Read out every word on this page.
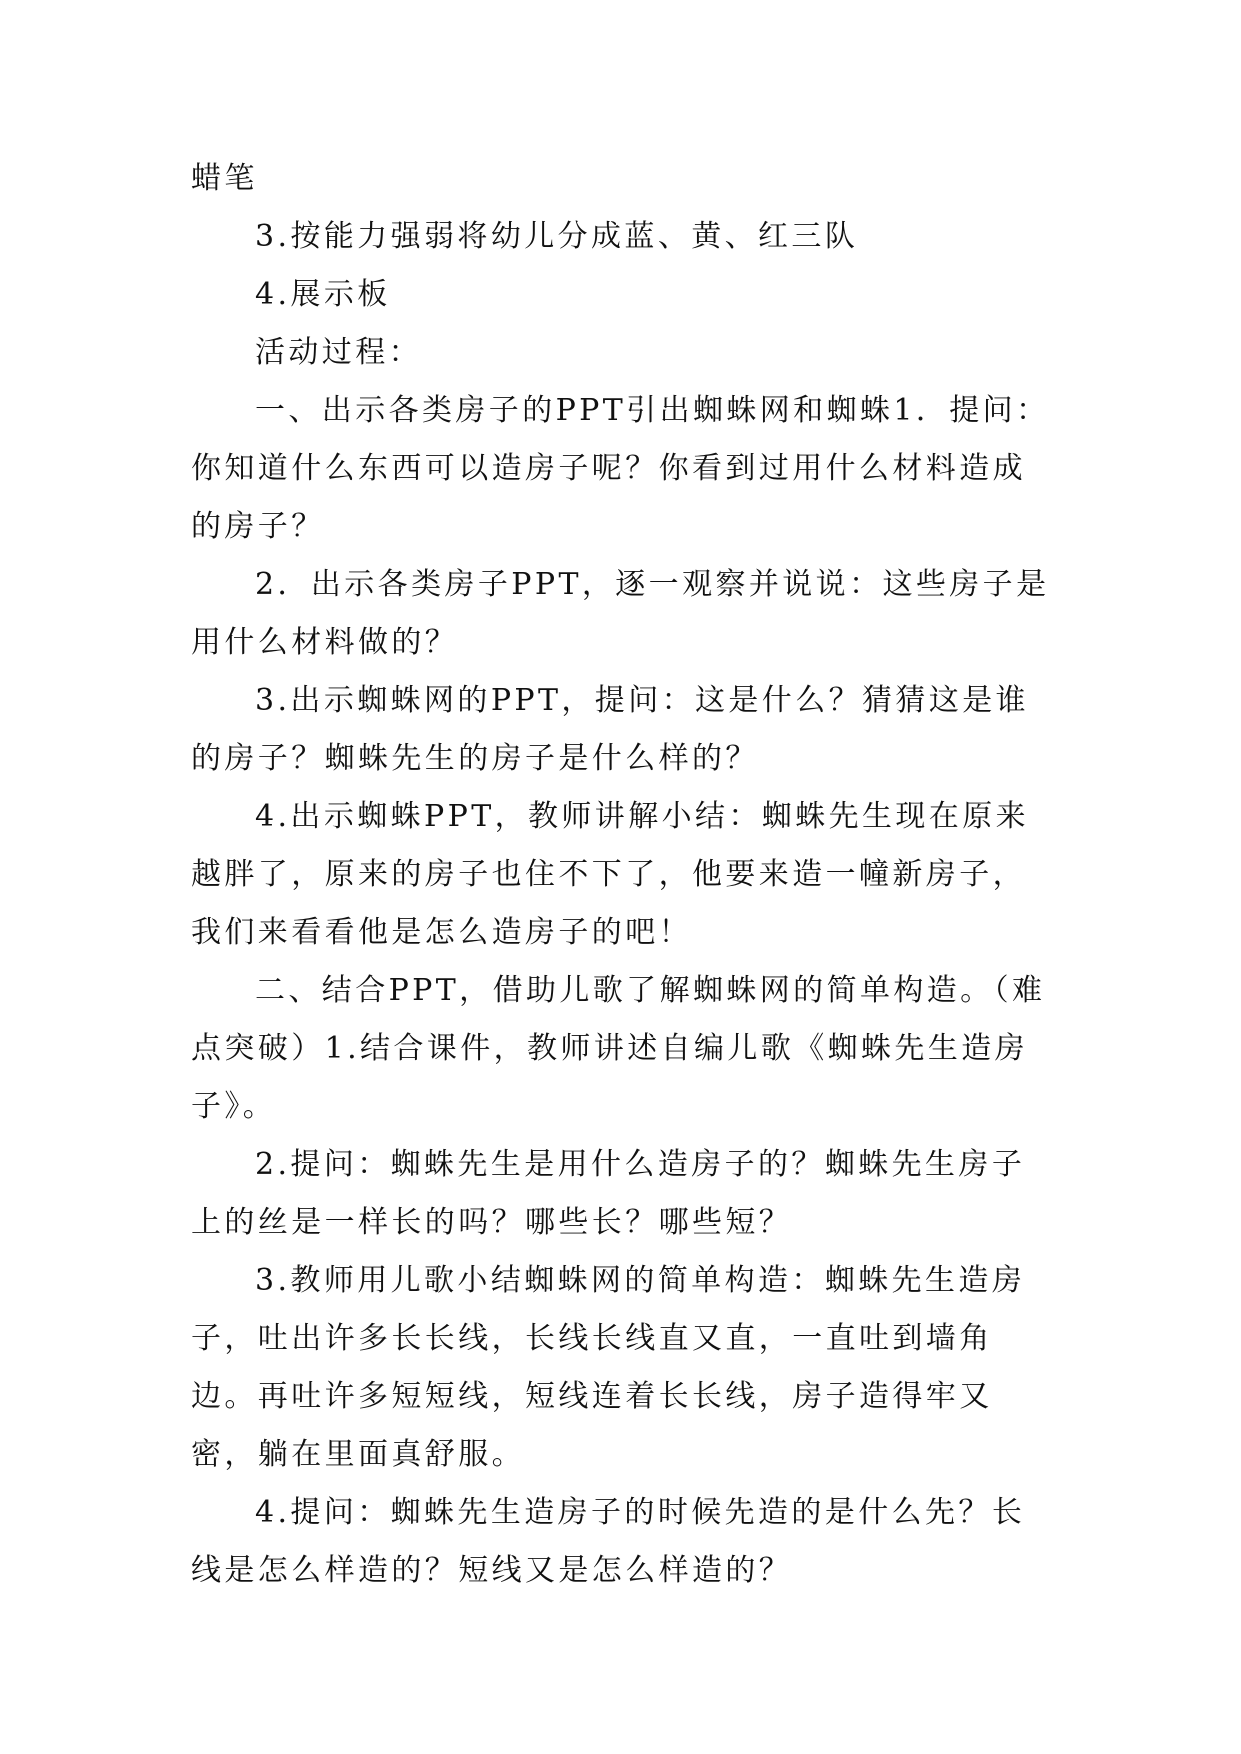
蜡笔

3.按能力强弱将幼儿分成蓝、黄、红三队

4.展示板

活动过程：

一、出示各类房子的PPT引出蜘蛛网和蜘蛛1．提问：你知道什么东西可以造房子呢？你看到过用什么材料造成的房子？

2．出示各类房子PPT，逐一观察并说说：这些房子是用什么材料做的？

3.出示蜘蛛网的PPT，提问：这是什么？猜猜这是谁的房子？蜘蛛先生的房子是什么样的？

4.出示蜘蛛PPT，教师讲解小结：蜘蛛先生现在原来越胖了，原来的房子也住不下了，他要来造一幢新房子，我们来看看他是怎么造房子的吧！

二、结合PPT，借助儿歌了解蜘蛛网的简单构造。（难点突破）1.结合课件，教师讲述自编儿歌《蜘蛛先生造房子》。

2.提问：蜘蛛先生是用什么造房子的？蜘蛛先生房子上的丝是一样长的吗？哪些长？哪些短？

3.教师用儿歌小结蜘蛛网的简单构造：蜘蛛先生造房子，吐出许多长长线，长线长线直又直，一直吐到墙角边。再吐许多短短线，短线连着长长线，房子造得牢又密，躺在里面真舒服。

4.提问：蜘蛛先生造房子的时候先造的是什么先？长线是怎么样造的？短线又是怎么样造的？
